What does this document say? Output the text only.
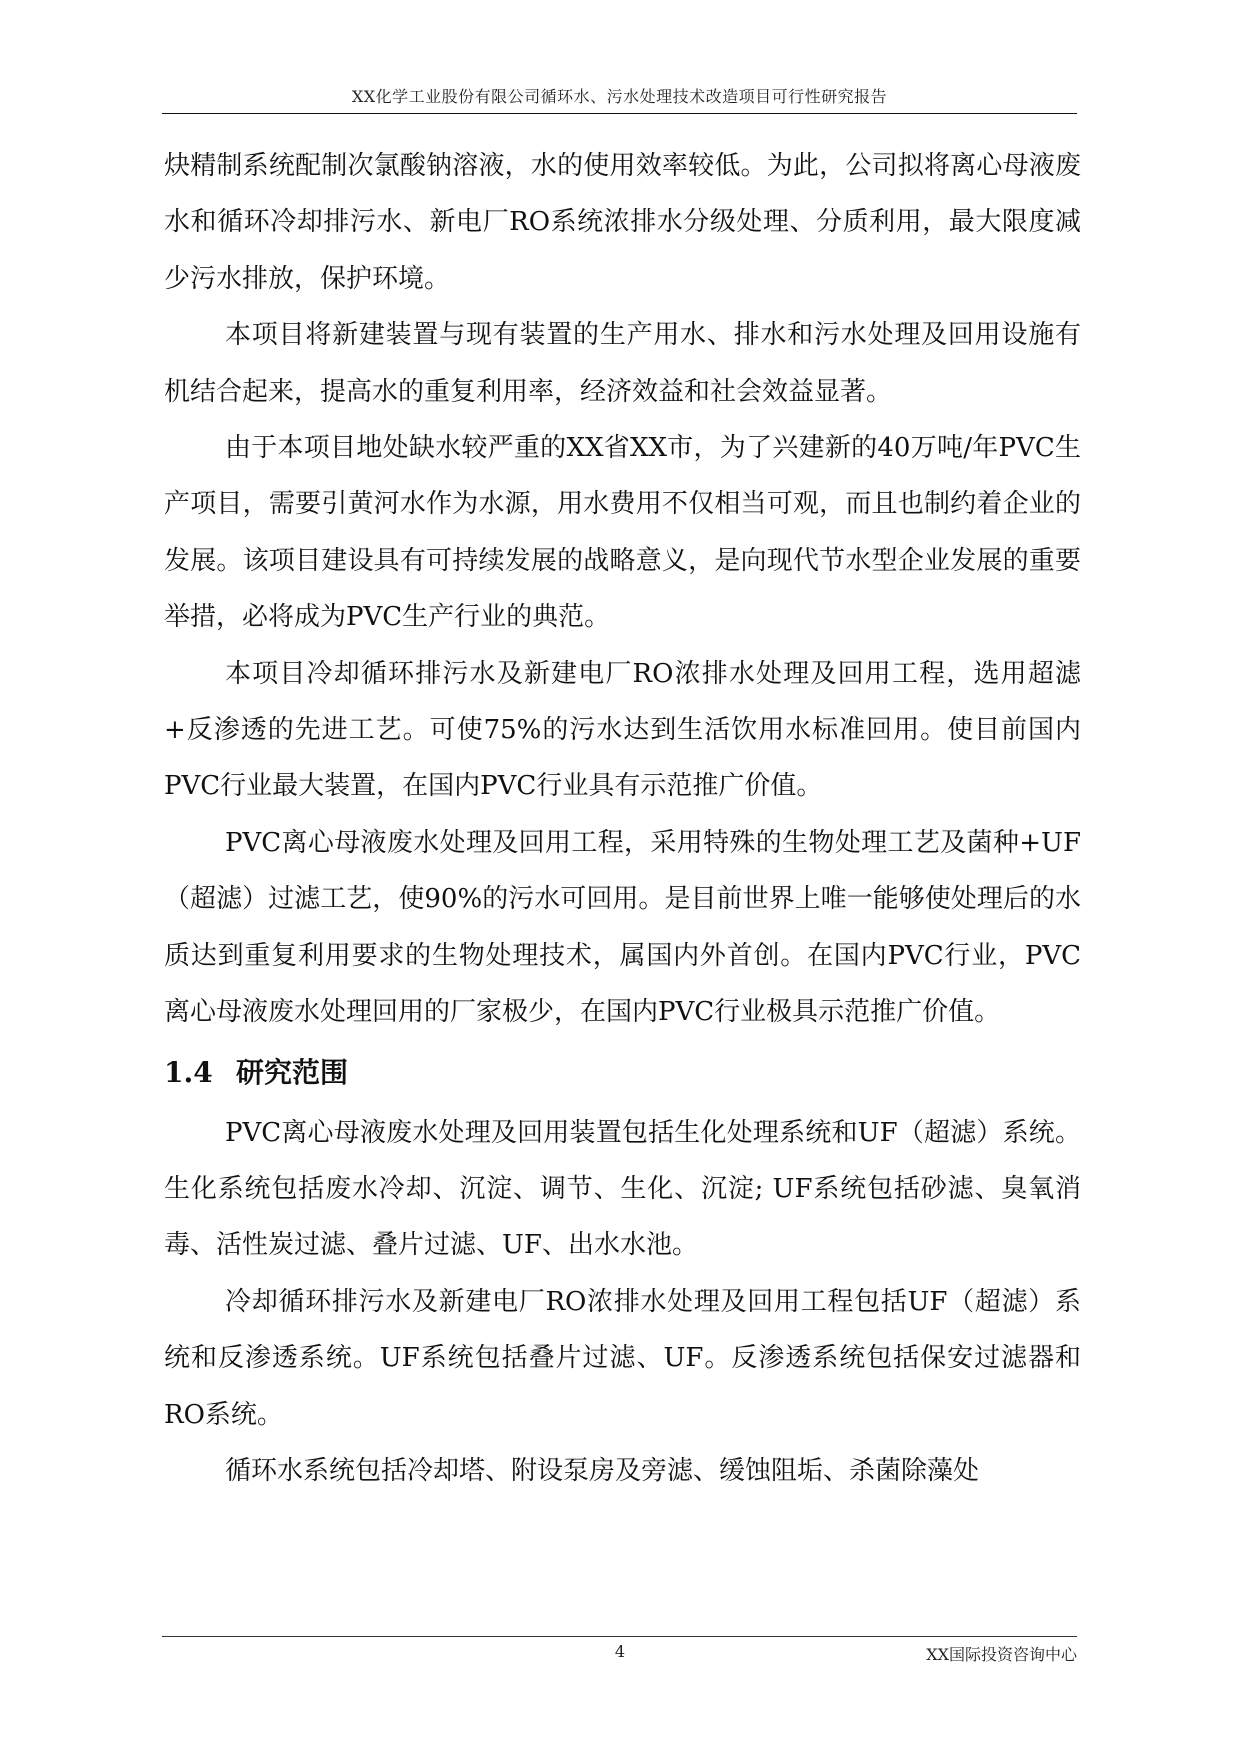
XX化学工业股份有限公司循环水、污水处理技术改造项目可行性研究报告

炔精制系统配制次氯酸钠溶液，水的使用效率较低。为此，公司拟将离心母液废水和循环冷却排污水、新电厂RO系统浓排水分级处理、分质利用，最大限度减少污水排放，保护环境。

本项目将新建装置与现有装置的生产用水、排水和污水处理及回用设施有机结合起来，提高水的重复利用率，经济效益和社会效益显著。

由于本项目地处缺水较严重的XX省XX市，为了兴建新的40万吨/年PVC生产项目，需要引黄河水作为水源，用水费用不仅相当可观，而且也制约着企业的发展。该项目建设具有可持续发展的战略意义，是向现代节水型企业发展的重要举措，必将成为PVC生产行业的典范。

本项目冷却循环排污水及新建电厂RO浓排水处理及回用工程，选用超滤+反渗透的先进工艺。可使75%的污水达到生活饮用水标准回用。使目前国内PVC行业最大装置，在国内PVC行业具有示范推广价值。

PVC离心母液废水处理及回用工程，采用特殊的生物处理工艺及菌种+UF（超滤）过滤工艺，使90%的污水可回用。是目前世界上唯一能够使处理后的水质达到重复利用要求的生物处理技术，属国内外首创。在国内PVC行业，PVC离心母液废水处理回用的厂家极少，在国内PVC行业极具示范推广价值。

1.4 研究范围

PVC离心母液废水处理及回用装置包括生化处理系统和UF（超滤）系统。生化系统包括废水冷却、沉淀、调节、生化、沉淀; UF系统包括砂滤、臭氧消毒、活性炭过滤、叠片过滤、UF、出水水池。

冷却循环排污水及新建电厂RO浓排水处理及回用工程包括UF（超滤）系统和反渗透系统。UF系统包括叠片过滤、UF。反渗透系统包括保安过滤器和RO系统。

循环水系统包括冷却塔、附设泵房及旁滤、缓蚀阻垢、杀菌除藻处

4	XX国际投资咨询中心
